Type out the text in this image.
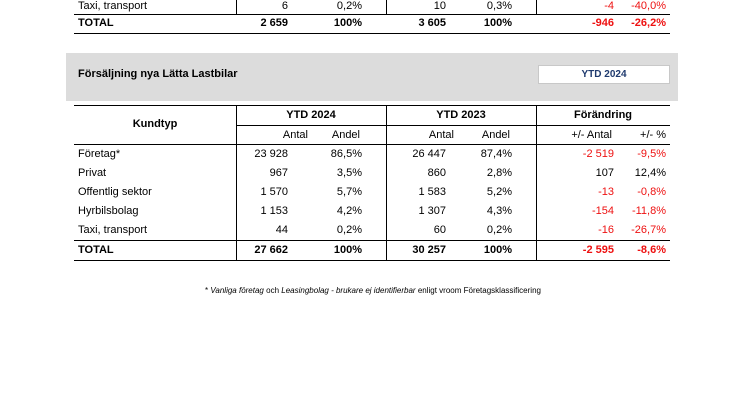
Taxi, transport	6	0,2%	10	0,3%	-4 -40,0%
TOTAL	2 659	100%	3 605	100%	-946 -26,2%
Försäljning nya Lätta Lastbilar	YTD 2024
Kundtyp
YTD 2024	YTD 2023	Förändring
Antal Andel	Antal	Andel	+/- Antal	+/- %
Företag*	23 928	86,5%	26 447	87,4%	-2 519 -9,5%
Privat	967	3,5%	860	2,8%	107 12,4%
Offentlig sektor	1 570	5,7%	1 583	5,2%	-13 -0,8%
Hyrbilsbolag	1 153	4,2%	1 307	4,3%	-154 -11,8%
Taxi, transport	44	0,2%	60	0,2%	-16 -26,7%
TOTAL	27 662	100%	30 257	100%	-2 595 -8,6%
* Vanliga företag och Leasingbolag - brukare ej identifierbar enligt vroom Företagsklassificering
